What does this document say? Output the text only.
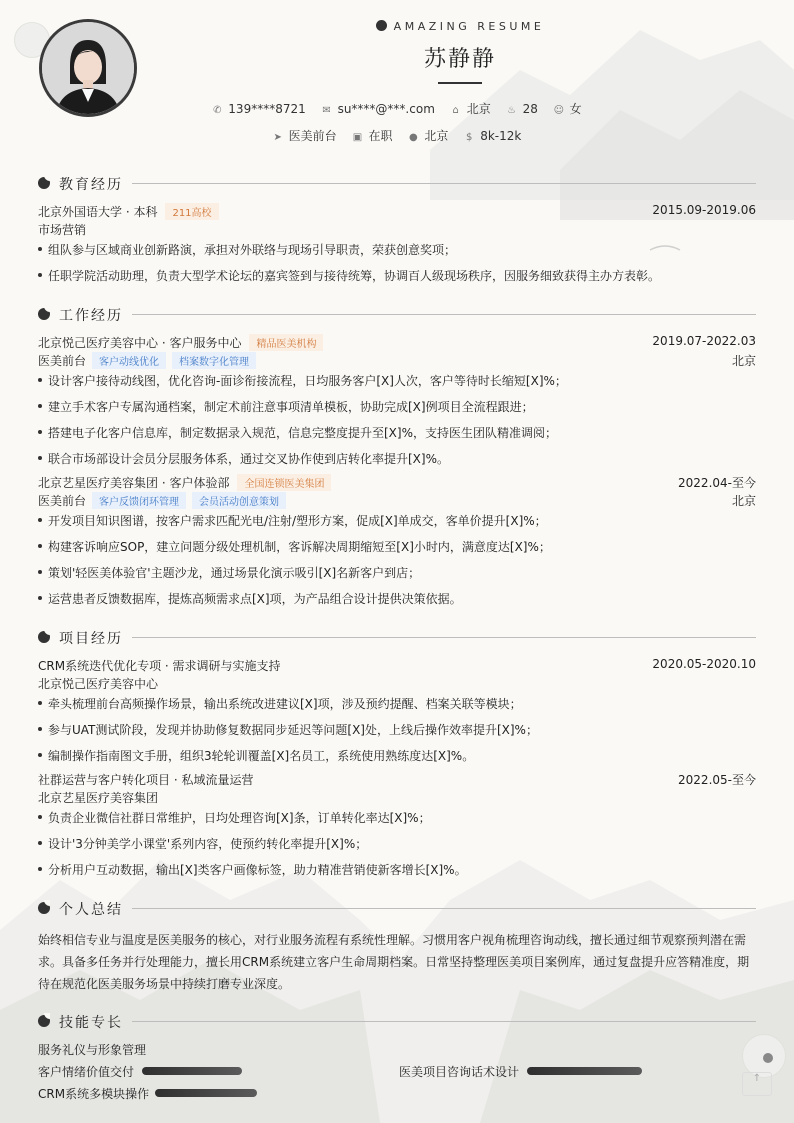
AMAZING RESUME
苏静静
✆ 139****8721 ✉ su****@***.com ⌂ 北京 ♨ 28 ☺ 女
➤ 医美前台 ▣ 在职 ● 北京 $ 8k-12k
教育经历
北京外国语大学 · 本科 211高校	2015.09-2019.06
市场营销
组队参与区域商业创新路演，承担对外联络与现场引导职责，荣获创意奖项；
任职学院活动助理，负责大型学术论坛的嘉宾签到与接待统筹，协调百人级现场秩序，因服务细致获得主办方表彰。
工作经历
北京悦己医疗美容中心 · 客户服务中心 精品医美机构	2019.07-2022.03
医美前台 客户动线优化 档案数字化管理	北京
设计客户接待动线图，优化咨询-面诊衔接流程，日均服务客户[X]人次，客户等待时长缩短[X]%；
建立手术客户专属沟通档案，制定术前注意事项清单模板，协助完成[X]例项目全流程跟进；
搭建电子化客户信息库，制定数据录入规范，信息完整度提升至[X]%，支持医生团队精准调阅；
联合市场部设计会员分层服务体系，通过交叉协作使到店转化率提升[X]%。
北京艺星医疗美容集团 · 客户体验部 全国连锁医美集团	2022.04-至今
医美前台 客户反馈闭环管理 会员活动创意策划	北京
开发项目知识图谱，按客户需求匹配光电/注射/塑形方案，促成[X]单成交，客单价提升[X]%；
构建客诉响应SOP，建立问题分级处理机制，客诉解决周期缩短至[X]小时内，满意度达[X]%；
策划'轻医美体验官'主题沙龙，通过场景化演示吸引[X]名新客户到店；
运营患者反馈数据库，提炼高频需求点[X]项，为产品组合设计提供决策依据。
项目经历
CRM系统迭代优化专项 · 需求调研与实施支持	2020.05-2020.10
北京悦己医疗美容中心
牵头梳理前台高频操作场景，输出系统改进建议[X]项，涉及预约提醒、档案关联等模块；
参与UAT测试阶段，发现并协助修复数据同步延迟等问题[X]处，上线后操作效率提升[X]%；
编制操作指南图文手册，组织3轮轮训覆盖[X]名员工，系统使用熟练度达[X]%。
社群运营与客户转化项目 · 私域流量运营	2022.05-至今
北京艺星医疗美容集团
负责企业微信社群日常维护，日均处理咨询[X]条，订单转化率达[X]%；
设计'3分钟美学小课堂'系列内容，使预约转化率提升[X]%；
分析用户互动数据，输出[X]类客户画像标签，助力精准营销使新客增长[X]%。
个人总结
始终相信专业与温度是医美服务的核心，对行业服务流程有系统性理解。习惯用客户视角梳理咨询动线，擅长通过细节观察预判潜在需求。具备多任务并行处理能力，擅长用CRM系统建立客户生命周期档案。日常坚持整理医美项目案例库，通过复盘提升应答精准度，期待在规范化医美服务场景中持续打磨专业深度。
技能专长
服务礼仪与形象管理
客户情绪价值交付	医美项目咨询话术设计
CRM系统多模块操作
↑
